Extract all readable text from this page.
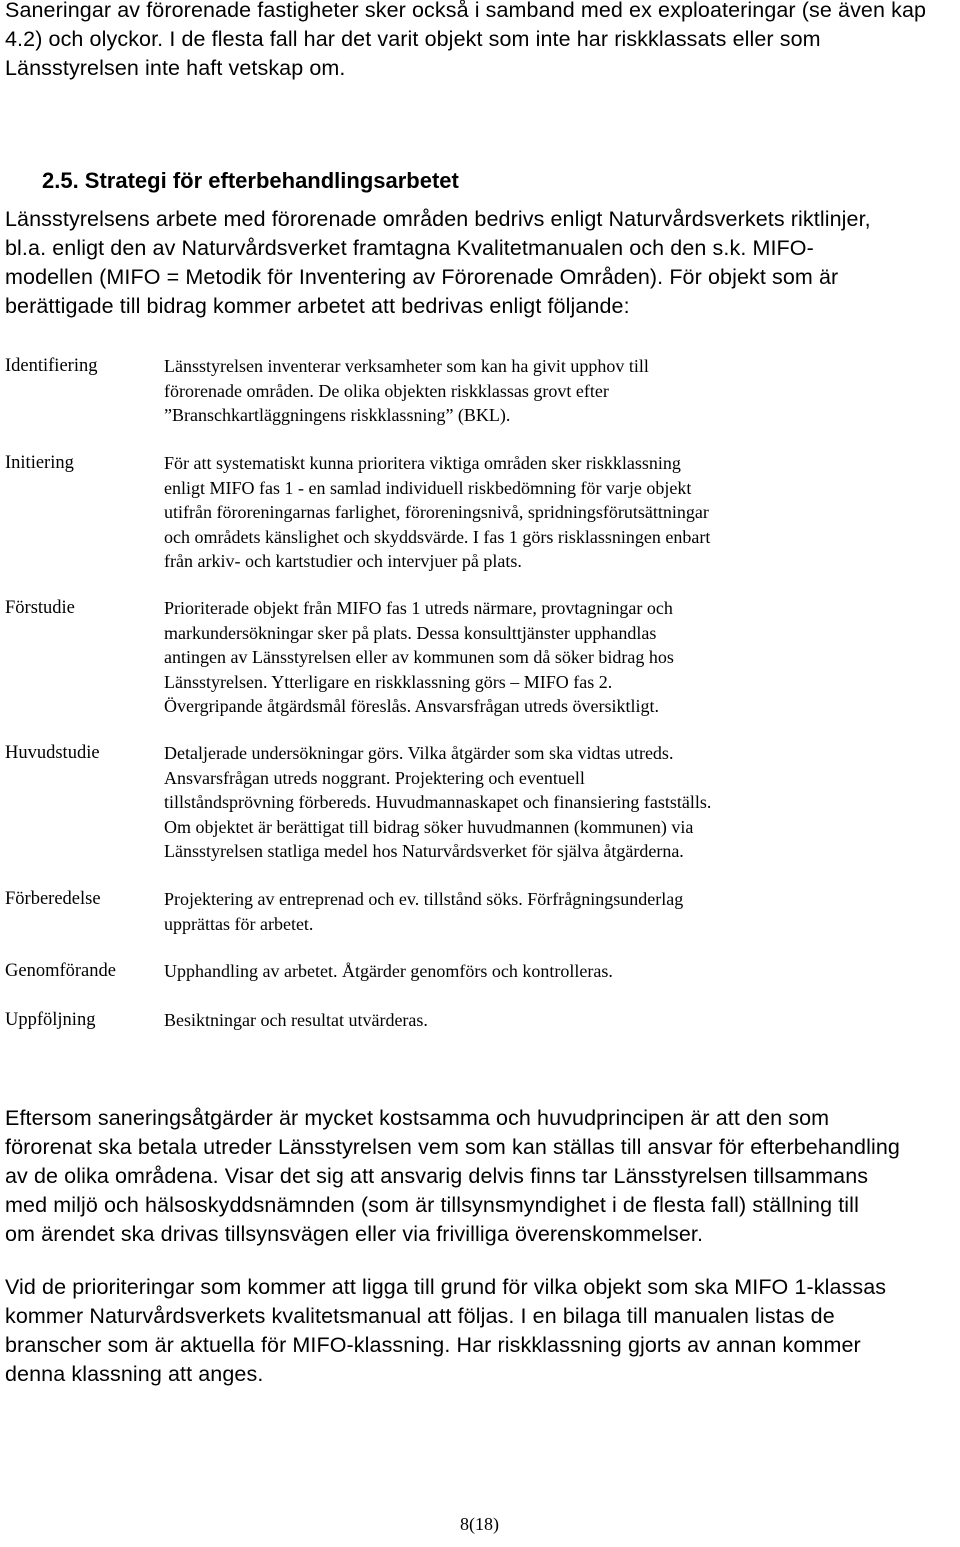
Saneringar av förorenade fastigheter sker också i samband med ex exploateringar (se även kap
4.2) och olyckor. I de flesta fall har det varit objekt som inte har riskklassats eller som
Länsstyrelsen inte haft vetskap om.

2.5. Strategi för efterbehandlingsarbetet

Länsstyrelsens arbete med förorenade områden bedrivs enligt Naturvårdsverkets riktlinjer,
bl.a. enligt den av Naturvårdsverket framtagna Kvalitetmanualen och den s.k. MIFO-
modellen (MIFO = Metodik för Inventering av Förorenade Områden). För objekt som är
berättigade till bidrag kommer arbetet att bedrivas enligt följande:

Identifiering	Länsstyrelsen inventerar verksamheter som kan ha givit upphov till
förorenade områden. De olika objekten riskklassas grovt efter
”Branschkartläggningens riskklassning” (BKL).
Initiering	För att systematiskt kunna prioritera viktiga områden sker riskklassning
enligt MIFO fas 1 - en samlad individuell riskbedömning för varje objekt
utifrån föroreningarnas farlighet, föroreningsnivå, spridningsförutsättningar
och områdets känslighet och skyddsvärde. I fas 1 görs risklassningen enbart
från arkiv- och kartstudier och intervjuer på plats.
Förstudie	Prioriterade objekt från MIFO fas 1 utreds närmare, provtagningar och
markundersökningar sker på plats. Dessa konsulttjänster upphandlas
antingen av Länsstyrelsen eller av kommunen som då söker bidrag hos
Länsstyrelsen. Ytterligare en riskklassning görs – MIFO fas 2.
Övergripande åtgärdsmål föreslås. Ansvarsfrågan utreds översiktligt.
Huvudstudie	Detaljerade undersökningar görs. Vilka åtgärder som ska vidtas utreds.
Ansvarsfrågan utreds noggrant. Projektering och eventuell
tillståndsprövning förbereds. Huvudmannaskapet och finansiering fastställs.
Om objektet är berättigat till bidrag söker huvudmannen (kommunen) via
Länsstyrelsen statliga medel hos Naturvårdsverket för själva åtgärderna.
Förberedelse	Projektering av entreprenad och ev. tillstånd söks. Förfrågningsunderlag
upprättas för arbetet.
Genomförande	Upphandling av arbetet. Åtgärder genomförs och kontrolleras.
Uppföljning	Besiktningar och resultat utvärderas.

Eftersom saneringsåtgärder är mycket kostsamma och huvudprincipen är att den som
förorenat ska betala utreder Länsstyrelsen vem som kan ställas till ansvar för efterbehandling
av de olika områdena. Visar det sig att ansvarig delvis finns tar Länsstyrelsen tillsammans
med miljö och hälsoskyddsnämnden (som är tillsynsmyndighet i de flesta fall) ställning till
om ärendet ska drivas tillsynsvägen eller via frivilliga överenskommelser.

Vid de prioriteringar som kommer att ligga till grund för vilka objekt som ska MIFO 1-klassas
kommer Naturvårdsverkets kvalitetsmanual att följas. I en bilaga till manualen listas de
branscher som är aktuella för MIFO-klassning. Har riskklassning gjorts av annan kommer
denna klassning att anges.

8(18)
